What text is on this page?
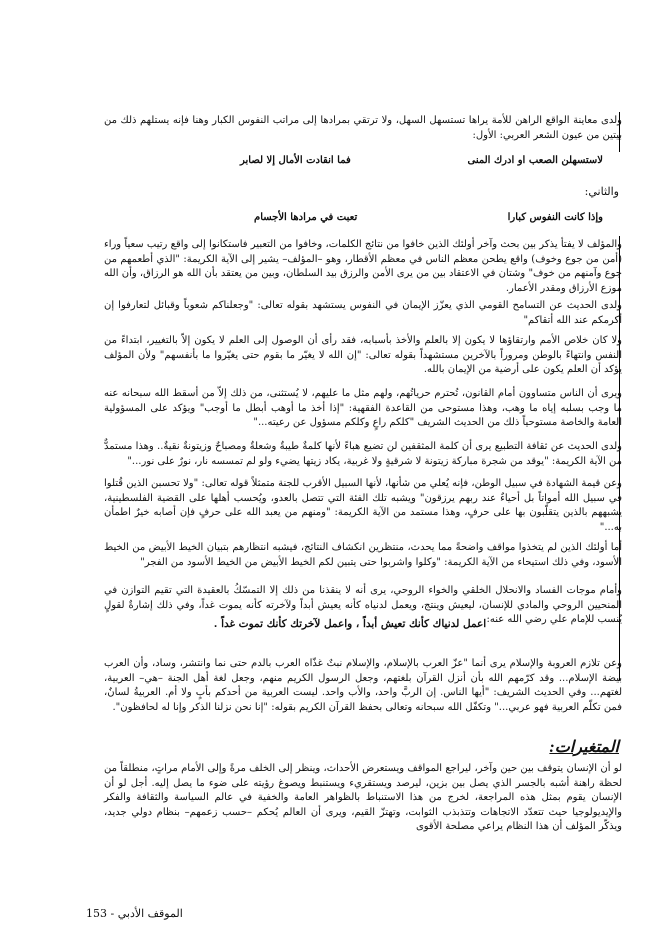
ولدى معاينة الواقع الراهن للأمة يراها تستسهل السهل، ولا ترتقي بمرادها إلى مراتب النفوس الكبار وهنا فإنه يستلهم ذلك من بيتين من عيون الشعر العربي: الأول:

لاستسهلن الصعب او ادرك المنى
فما انقادت الأمال إلا لصابر
والثاني:
وإذا كانت النفوس كبارا
تعبت في مرادها الأجسام

والمؤلف لا يفتأ يذكر بين بحث وآخر أولئك الذين خافوا من نتائج الكلمات، وخافوا من التعبير فاستكانوا إلى واقع رتيب سعياً وراء (أمن من جوع وخوف) واقع يطحن معظم الناس في معظم الأقطار، وهو –المؤلف– يشير إلى الآية الكريمة: "الذي أطعمهم من جوع وآمنهم من خوف" وشتان في الاعتقاد بين من يرى الأمن والرزق بيد السلطان، وبين من يعتقد بأن الله هو الرزاق، وأن الله موزع الأرزاق ومقدر الأعمار.

ولدى الحديث عن التسامح القومي الذي يعزّز الإيمان في النفوس يستشهد بقوله تعالى: "وجعلناكم شعوباً وقبائل لتعارفوا إن أكرمكم عند الله أتقاكم"

ولا كان خلاص الأمم وارتقاؤها لا يكون إلا بالعلم والأخذ بأسبابه، فقد رأى أن الوصول إلى العلم لا يكون إلاّ بالتغيير، ابتداءً من النفس وانتهاءً بالوطن ومروراً بالآخرين مستشهداً بقوله تعالى: "إن الله لا يغيّر ما بقوم حتى يغيّروا ما بأنفسهم" ولأن المؤلف يؤكد أن العلم يكون على أرضية من الإيمان بالله.

ويرى أن الناس متساوون أمام القانون، تُحترم حرياتُهم، ولهم مثل ما عليهم، لا يُستثنى، من ذلك إلاّ من أسقط الله سبحانه عنه ما وجب بسلبه إياه ما وهب، وهذا مستوحى من القاعدة الفقهية: "إذا أخذ ما أوهب أبطل ما أوجب" ويؤكد على المسؤولية العامة والخاصة مستوحياً ذلك من الحديث الشريف "كلكم راعٍ وكلكم مسؤول عن رعيته..."

ولدى الحديث عن ثقافة التطبيع يرى أن كلمة المثقفين لن تضيع هباءً لأنها كلمةٌ طيبةٌ وشعلةٌ ومصباحٌ وزيتونةٌ نقيةٌ.. وهذا مستمدٌّ من الآية الكريمة: "يوقد من شجرة مباركة زيتونة لا شرقيةٍ ولا غربية، يكاد زيتها يضيء ولو لم تمسسه نار، نورٌ على نور..."

وعن قيمة الشهادة في سبيل الوطن، فإنه يُعلي من شأنها، لأنها السبيل الأقرب للجنة متمثلاً قوله تعالى: "ولا تحسبن الذين قُتلوا في سبيل الله أمواتاً بل أحياءٌ عند ربهم يرزقون" ويشبه تلك الفئة التي تتصل بالعدو، ويُحسب أهلها على القضية الفلسطينية، يشبههم بالذين يتقلّبون بها على حرفٍ، وهذا مستمد من الآية الكريمة: "ومنهم من يعبد الله على حرفٍ فإن أصابه خيرٌ اطمأن به..."

أما أولئك الذين لم يتخذوا مواقف واضحةً مما يحدث، منتظرين انكشاف النتائج، فيشبه انتظارهم بتبيان الخيط الأبيض من الخيط الأسود، وفي ذلك استيحاء من الآية الكريمة: "وكلوا واشربوا حتى يتبين لكم الخيط الأبيض من الخيط الأسود من الفجر"

وأمام موجات الفساد والانحلال الخلقي والخواء الروحي، يرى أنه لا ينقذنا من ذلك إلا التمسّكُ بالعقيدة التي تقيم التوازن في المنحيين الروحي والمادي للإنسان، ليعيش وينتج، ويعمل لدنياه كأنه يعيش أبداً ولآخرته كأنه يموت غداً، وفي ذلك إشارةٌ لقولٍ يُنسب للإمام علي رضي الله عنه:

اعمل لدنياك كأنك تعيش أبداً ، واعمل لآخرتك كأنك تموت غداً .

وعن تلازم العروبة والإسلام يرى أنما "عزّ العرب بالإسلام، والإسلام نبتٌ غذّاه العرب بالدم حتى نما وانتشر، وساد، وأن العرب بيضة الإسلام... وقد كرّمهم الله بأن أنزل القرآن بلغتهم، وجعل الرسول الكريم منهم، وجعل لغة أهل الجنة –هي– العربية، لغتهم... وفي الحديث الشريف: "أيها الناس. إن الربَّ واحد، والأب واحد. ليست العربية من أحدكم بأبٍ ولا أم. العربيةُ لسانٌ، فمن تكلّم العربية فهو عربي..." وتكفّل الله سبحانه وتعالى بحفظ القرآن الكريم بقوله: "إنا نحن نزلنا الذكر وإنا له لحافظون".

المتغيرات:

لو أن الإنسان يتوقف بين حين وآخر، ليراجع المواقف ويستعرض الأحداث، وينظر إلى الخلف مرةً وإلى الأمام مراتٍ، منطلقاً من لحظة راهنة أشبه بالجسر الذي يصل بين بزين، ليرصد ويستقريء ويستنبط ويصوغ رؤيته على ضوء ما يصل إليه. أجل لو أن الإنسان يقوم بمثل هذه المراجعة، لخرج من هذا الاستنباط بالظواهر العامة والخفية في عالم السياسة والثقافة والفكر والإيديولوجيا حيث تتعدّد الاتجاهات وتتذبذب الثوابت، وتهتزّ القيم، ويرى أن العالم يُحكم –حسب زعمهم– بنظام دولي جديد، ويذكّر المؤلف أن هذا النظام يراعي مصلحة الأقوى

الموقف الأدبي - 153
